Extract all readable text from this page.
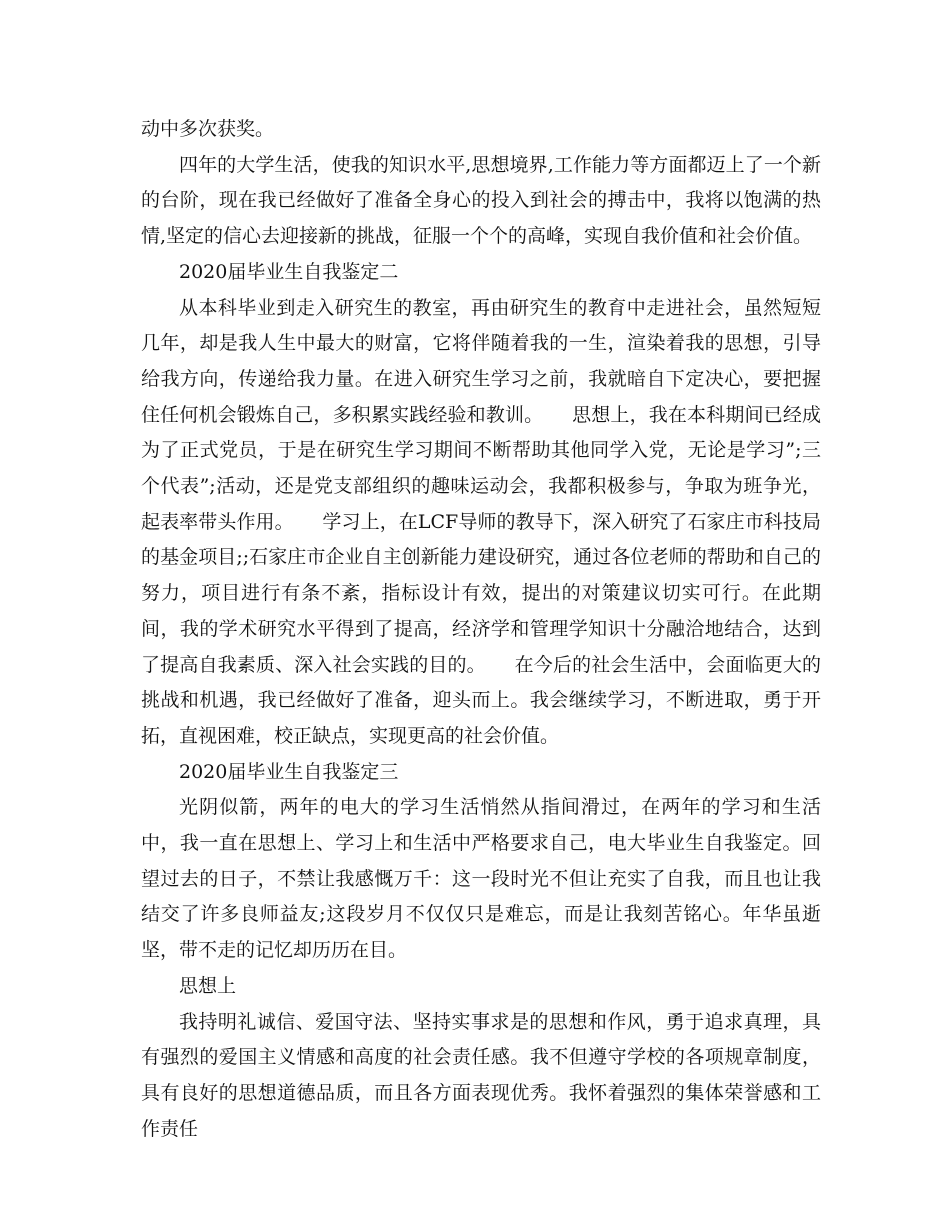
动中多次获奖。

四年的大学生活，使我的知识水平,思想境界,工作能力等方面都迈上了一个新的台阶，现在我已经做好了准备全身心的投入到社会的搏击中，我将以饱满的热情,坚定的信心去迎接新的挑战，征服一个个的高峰，实现自我价值和社会价值。

2020届毕业生自我鉴定二

从本科毕业到走入研究生的教室，再由研究生的教育中走进社会，虽然短短几年，却是我人生中最大的财富，它将伴随着我的一生，渲染着我的思想，引导给我方向，传递给我力量。在进入研究生学习之前，我就暗自下定决心，要把握住任何机会锻炼自己，多积累实践经验和教训。　　思想上，我在本科期间已经成为了正式党员，于是在研究生学习期间不断帮助其他同学入党，无论是学习”;三个代表”;活动，还是党支部组织的趣味运动会，我都积极参与，争取为班争光，起表率带头作用。　　学习上，在LCF导师的教导下，深入研究了石家庄市科技局的基金项目;;石家庄市企业自主创新能力建设研究，通过各位老师的帮助和自己的努力，项目进行有条不紊，指标设计有效，提出的对策建议切实可行。在此期间，我的学术研究水平得到了提高，经济学和管理学知识十分融洽地结合，达到了提高自我素质、深入社会实践的目的。　　在今后的社会生活中，会面临更大的挑战和机遇，我已经做好了准备，迎头而上。我会继续学习，不断进取，勇于开拓，直视困难，校正缺点，实现更高的社会价值。

2020届毕业生自我鉴定三

光阴似箭，两年的电大的学习生活悄然从指间滑过，在两年的学习和生活中，我一直在思想上、学习上和生活中严格要求自己，电大毕业生自我鉴定。回望过去的日子，不禁让我感慨万千：这一段时光不但让充实了自我，而且也让我结交了许多良师益友;这段岁月不仅仅只是难忘，而是让我刻苦铭心。年华虽逝坚，带不走的记忆却历历在目。

思想上

我持明礼诚信、爱国守法、坚持实事求是的思想和作风，勇于追求真理，具有强烈的爱国主义情感和高度的社会责任感。我不但遵守学校的各项规章制度，具有良好的思想道德品质，而且各方面表现优秀。我怀着强烈的集体荣誉感和工作责任
